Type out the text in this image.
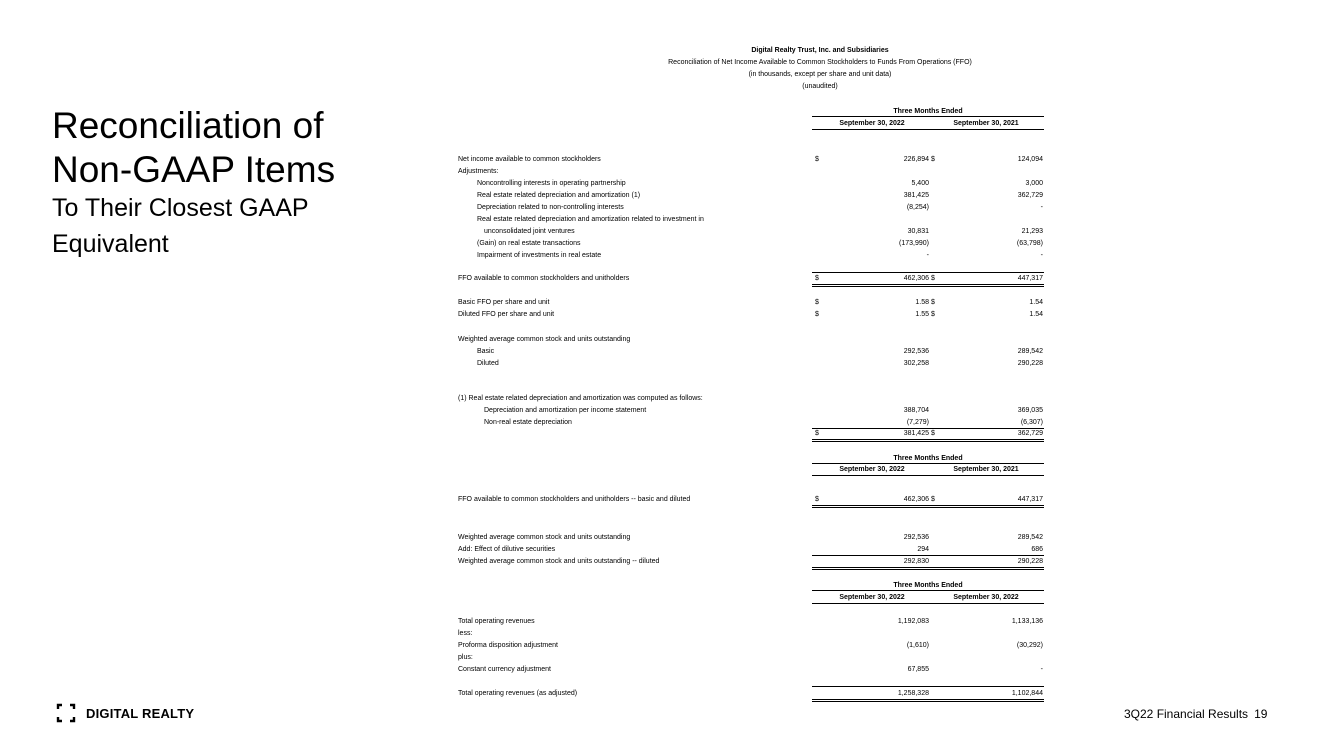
Reconciliation of
Non-GAAP Items
To Their Closest GAAP
Equivalent
DIGITAL REALTY	3Q22 Financial Results 19
Digital Realty Trust, Inc. and Subsidiaries
Reconciliation of Net Income Available to Common Stockholders to Funds From Operations (FFO)
(in thousands, except per share and unit data)
(unaudited)
Three Months Ended
September 30, 2022	September 30, 2021
Net income available to common stockholders	$	226,894 $	124,094
Adjustments:
Noncontrolling interests in operating partnership	5,400	3,000
Real estate related depreciation and amortization (1)	381,425	362,729
Depreciation related to non-controlling interests	(8,254)	-
Real estate related depreciation and amortization related to investment in
unconsolidated joint ventures	30,831	21,293
(Gain) on real estate transactions	(173,990)	(63,798)
Impairment of investments in real estate	-	-
FFO available to common stockholders and unitholders	$	462,306 $	447,317
Basic FFO per share and unit	$	1.58 $	1.54
Diluted FFO per share and unit	$	1.55 $	1.54
Weighted average common stock and units outstanding
Basic	292,536	289,542
Diluted	302,258	290,228
(1) Real estate related depreciation and amortization was computed as follows:
Depreciation and amortization per income statement	388,704	369,035
Non-real estate depreciation	(7,279)	(6,307)
$	381,425 $	362,729
Three Months Ended
September 30, 2022	September 30, 2021
FFO available to common stockholders and unitholders -- basic and diluted	$	462,306 $	447,317
Weighted average common stock and units outstanding	292,536	289,542
Add: Effect of dilutive securities	294	686
Weighted average common stock and units outstanding -- diluted	292,830	290,228
Three Months Ended
September 30, 2022	September 30, 2022
Total operating revenues	1,192,083	1,133,136
less:
Proforma disposition adjustment	(1,610)	(30,292)
plus:
Constant currency adjustment	67,855	-
Total operating revenues (as adjusted)	1,258,328	1,102,844
